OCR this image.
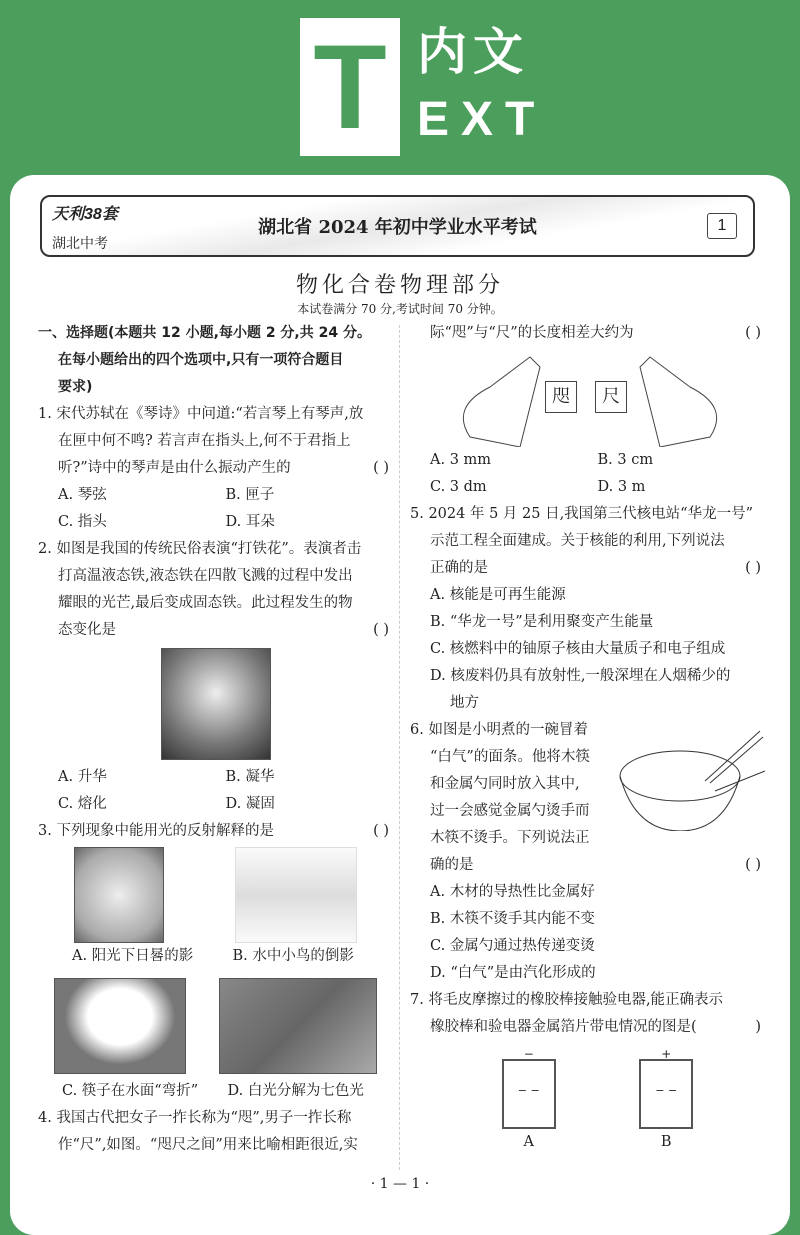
T 内文
EXT
天利38套
湖北中考
湖北省 2024 年初中学业水平考试	1
物化合卷物理部分
本试卷满分 70 分,考试时间 70 分钟。
一、选择题(本题共 12 小题,每小题 2 分,共 24 分。
在每小题给出的四个选项中,只有一项符合题目
要求)
1. 宋代苏轼在《琴诗》中问道:“若言琴上有琴声,放
在匣中何不鸣? 若言声在指头上,何不于君指上
听?”诗中的琴声是由什么振动产生的	( )
A. 琴弦	B. 匣子
C. 指头	D. 耳朵
2. 如图是我国的传统民俗表演“打铁花”。表演者击
打高温液态铁,液态铁在四散飞溅的过程中发出
耀眼的光芒,最后变成固态铁。此过程发生的物
态变化是	( )
A. 升华	B. 凝华
C. 熔化	D. 凝固
3. 下列现象中能用光的反射解释的是	( )
A. 阳光下日晷的影	B. 水中小鸟的倒影
C. 筷子在水面“弯折”	D. 白光分解为七色光
4. 我国古代把女子一拃长称为“咫”,男子一拃长称
作“尺”,如图。“咫尺之间”用来比喻相距很近,实
际“咫”与“尺”的长度相差大约为	( )
咫	尺
A. 3 mm	B. 3 cm
C. 3 dm	D. 3 m
5. 2024 年 5 月 25 日,我国第三代核电站“华龙一号”
示范工程全面建成。关于核能的利用,下列说法
正确的是	( )
A. 核能是可再生能源
B. “华龙一号”是利用聚变产生能量
C. 核燃料中的铀原子核由大量质子和电子组成
D. 核废料仍具有放射性,一般深埋在人烟稀少的
地方
6. 如图是小明煮的一碗冒着
“白气”的面条。他将木筷
和金属勺同时放入其中,
过一会感觉金属勺烫手而
木筷不烫手。下列说法正
确的是	( )
A. 木材的导热性比金属好
B. 木筷不烫手其内能不变
C. 金属勺通过热传递变烫
D. “白气”是由汽化形成的
7. 将毛皮摩擦过的橡胶棒接触验电器,能正确表示
橡胶棒和验电器金属箔片带电情况的图是(	)
−
− −
A
+
− −
B
· 1 — 1 ·
